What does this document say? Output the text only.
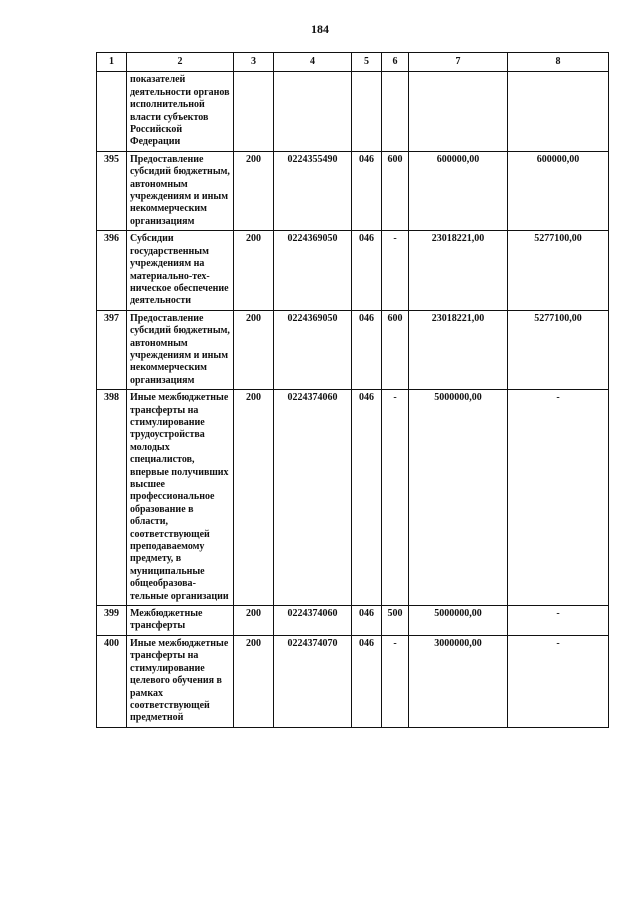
184
1	2	3	4	5	6	7	8
	показателей деятельности органов исполнительной власти субъектов Российской Федерации						
395	Предоставление субсидий бюджетным, автономным учреждениям и иным некоммерческим организациям	200	0224355490	046	600	600000,00	600000,00
396	Субсидии государственным учреждениям на материально-техническое обеспечение деятельности	200	0224369050	046	-	23018221,00	5277100,00
397	Предоставление субсидий бюджетным, автономным учреждениям и иным некоммерческим организациям	200	0224369050	046	600	23018221,00	5277100,00
398	Иные межбюджетные трансферты на стимулирование трудоустройства молодых специалистов, впервые получивших высшее профессиональное образование в области, соответствующей преподаваемому предмету, в муниципальные общеобразовательные организации	200	0224374060	046	-	5000000,00	-
399	Межбюджетные трансферты	200	0224374060	046	500	5000000,00	-
400	Иные межбюджетные трансферты на стимулирование целевого обучения в рамках соответствующей предметной	200	0224374070	046	-	3000000,00	-
